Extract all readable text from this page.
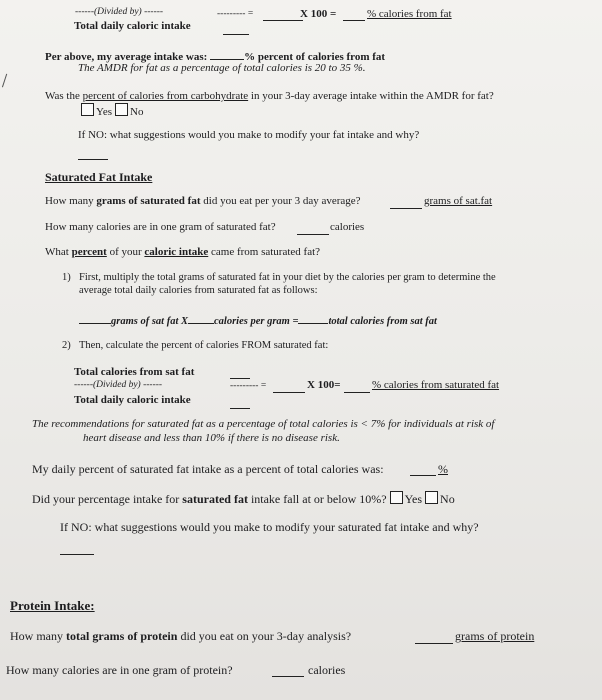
------(Divided by) ------	--------- =	X 100 =	% calories from fat
Total daily caloric intake
Per above, my average intake was:	% percent of calories from fat
The AMDR for fat as a percentage of total calories is 20 to 35 %.
Was the percent of calories from carbohydrate in your 3-day average intake within the AMDR for fat?
Yes No
If NO: what suggestions would you make to modify your fat intake and why?
Saturated Fat Intake
How many grams of saturated fat did you eat per your 3 day average?	grams of sat.fat
How many calories are in one gram of saturated fat?	calories
What percent of your caloric intake came from saturated fat?
1) First, multiply the total grams of saturated fat in your diet by the calories per gram to determine the
average total daily calories from saturated fat as follows:
grams of sat fat X calories per gram =	total calories from sat fat
2) Then, calculate the percent of calories FROM saturated fat:
Total calories from sat fat
------(Divided by) ------	--------- =	X 100=	% calories from saturated fat
Total daily caloric intake
The recommendations for saturated fat as a percentage of total calories is < 7% for individuals at risk of
heart disease and less than 10% if there is no disease risk.
My daily percent of saturated fat intake as a percent of total calories was:	%
Did your percentage intake for saturated fat intake fall at or below 10%? Yes No
If NO: what suggestions would you make to modify your saturated fat intake and why?
Protein Intake:
How many total grams of protein did you eat on your 3-day analysis?	grams of protein
How many calories are in one gram of protein?	calories
